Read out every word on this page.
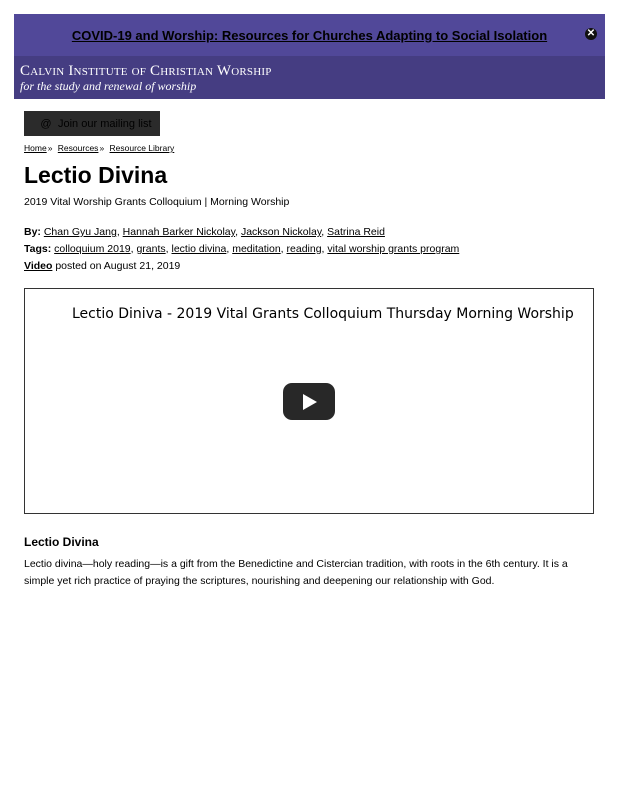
COVID-19 and Worship: Resources for Churches Adapting to Social Isolation	✕
Calvin Institute of Christian Worship
for the study and renewal of worship
@ Join our mailing list
Home» Resources» Resource Library
Lectio Divina
2019 Vital Worship Grants Colloquium | Morning Worship
By: Chan Gyu Jang, Hannah Barker Nickolay, Jackson Nickolay, Satrina Reid
Tags: colloquium 2019, grants, lectio divina, meditation, reading, vital worship grants program
Video posted on August 21, 2019
Lectio Diniva - 2019 Vital Grants Colloquium Thursday Morning Worship
Lectio Divina
Lectio divina—holy reading—is a gift from the Benedictine and Cistercian tradition, with roots in the 6th century. It is a simple yet rich practice of praying the scriptures, nourishing and deepening our relationship with God.
